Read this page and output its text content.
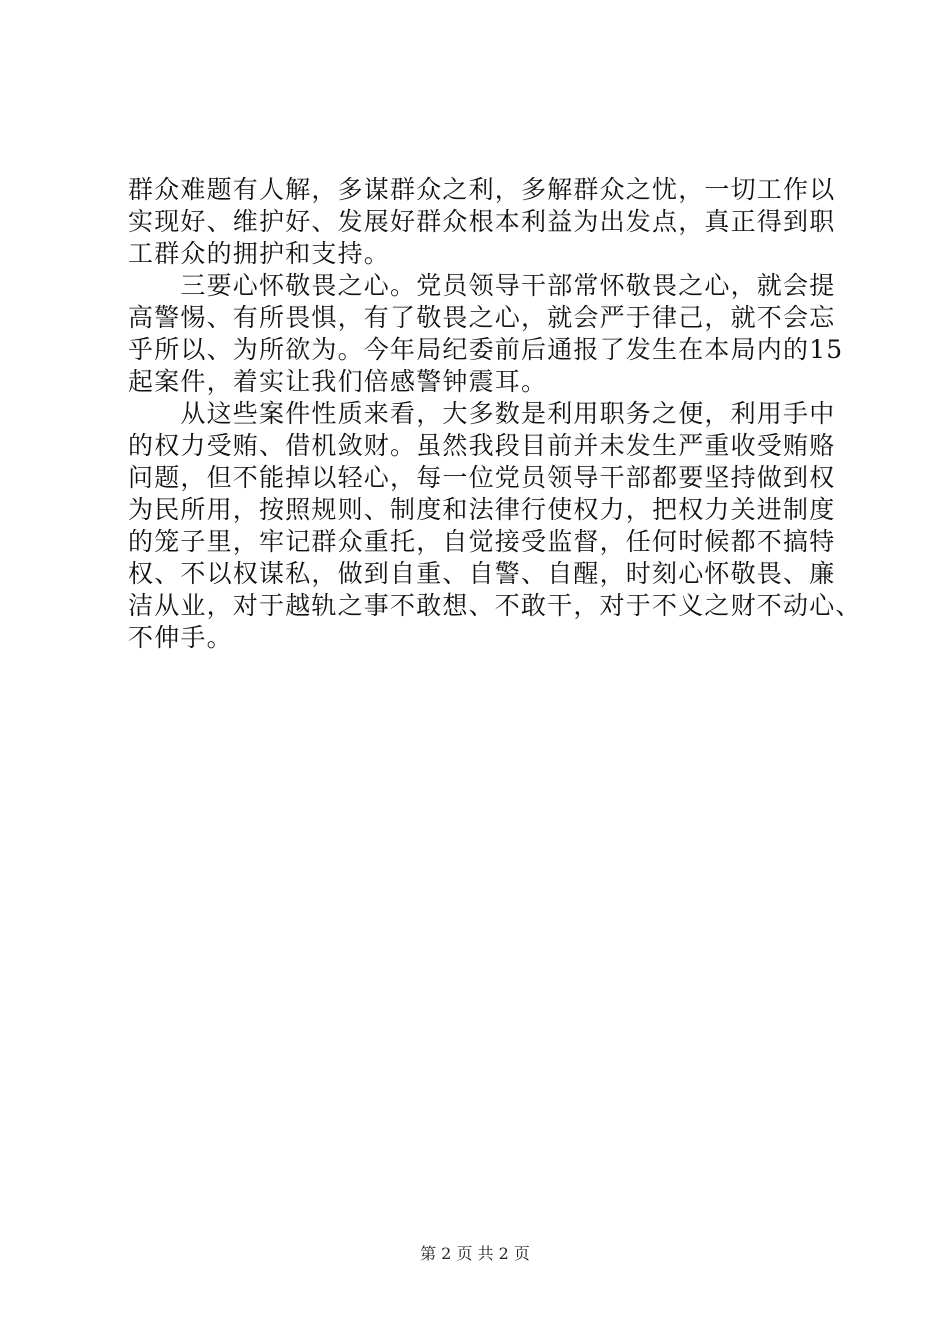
群众难题有人解，多谋群众之利，多解群众之忧，一切工作以
实现好、维护好、发展好群众根本利益为出发点，真正得到职
工群众的拥护和支持。
　　三要心怀敬畏之心。党员领导干部常怀敬畏之心，就会提
高警惕、有所畏惧，有了敬畏之心，就会严于律己，就不会忘
乎所以、为所欲为。今年局纪委前后通报了发生在本局内的15
起案件，着实让我们倍感警钟震耳。
　　从这些案件性质来看，大多数是利用职务之便，利用手中
的权力受贿、借机敛财。虽然我段目前并未发生严重收受贿赂
问题，但不能掉以轻心，每一位党员领导干部都要坚持做到权
为民所用，按照规则、制度和法律行使权力，把权力关进制度
的笼子里，牢记群众重托，自觉接受监督，任何时候都不搞特
权、不以权谋私，做到自重、自警、自醒，时刻心怀敬畏、廉
洁从业，对于越轨之事不敢想、不敢干，对于不义之财不动心、
不伸手。
第 2 页 共 2 页
